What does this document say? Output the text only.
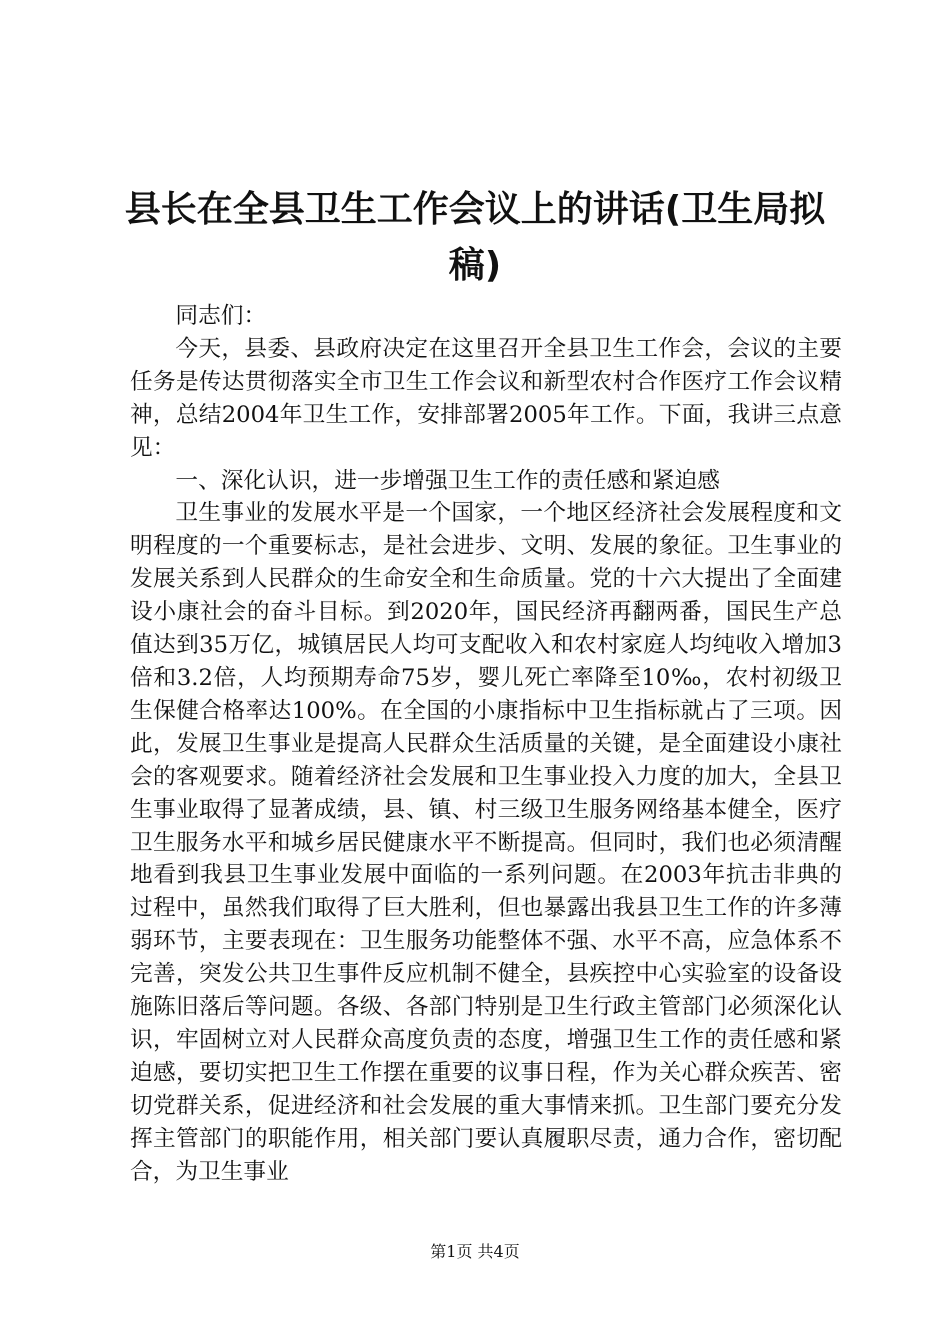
县长在全县卫生工作会议上的讲话(卫生局拟稿)

同志们：

今天，县委、县政府决定在这里召开全县卫生工作会，会议的主要任务是传达贯彻落实全市卫生工作会议和新型农村合作医疗工作会议精神，总结2004年卫生工作，安排部署2005年工作。下面，我讲三点意见：

一、深化认识，进一步增强卫生工作的责任感和紧迫感

卫生事业的发展水平是一个国家，一个地区经济社会发展程度和文明程度的一个重要标志，是社会进步、文明、发展的象征。卫生事业的发展关系到人民群众的生命安全和生命质量。党的十六大提出了全面建设小康社会的奋斗目标。到2020年，国民经济再翻两番，国民生产总值达到35万亿，城镇居民人均可支配收入和农村家庭人均纯收入增加3倍和3.2倍，人均预期寿命75岁，婴儿死亡率降至10‰，农村初级卫生保健合格率达100%。在全国的小康指标中卫生指标就占了三项。因此，发展卫生事业是提高人民群众生活质量的关键，是全面建设小康社会的客观要求。随着经济社会发展和卫生事业投入力度的加大，全县卫生事业取得了显著成绩，县、镇、村三级卫生服务网络基本健全，医疗卫生服务水平和城乡居民健康水平不断提高。但同时，我们也必须清醒地看到我县卫生事业发展中面临的一系列问题。在2003年抗击非典的过程中，虽然我们取得了巨大胜利，但也暴露出我县卫生工作的许多薄弱环节，主要表现在：卫生服务功能整体不强、水平不高，应急体系不完善，突发公共卫生事件反应机制不健全，县疾控中心实验室的设备设施陈旧落后等问题。各级、各部门特别是卫生行政主管部门必须深化认识，牢固树立对人民群众高度负责的态度，增强卫生工作的责任感和紧迫感，要切实把卫生工作摆在重要的议事日程，作为关心群众疾苦、密切党群关系，促进经济和社会发展的重大事情来抓。卫生部门要充分发挥主管部门的职能作用，相关部门要认真履职尽责，通力合作，密切配合，为卫生事业

第1页 共4页
